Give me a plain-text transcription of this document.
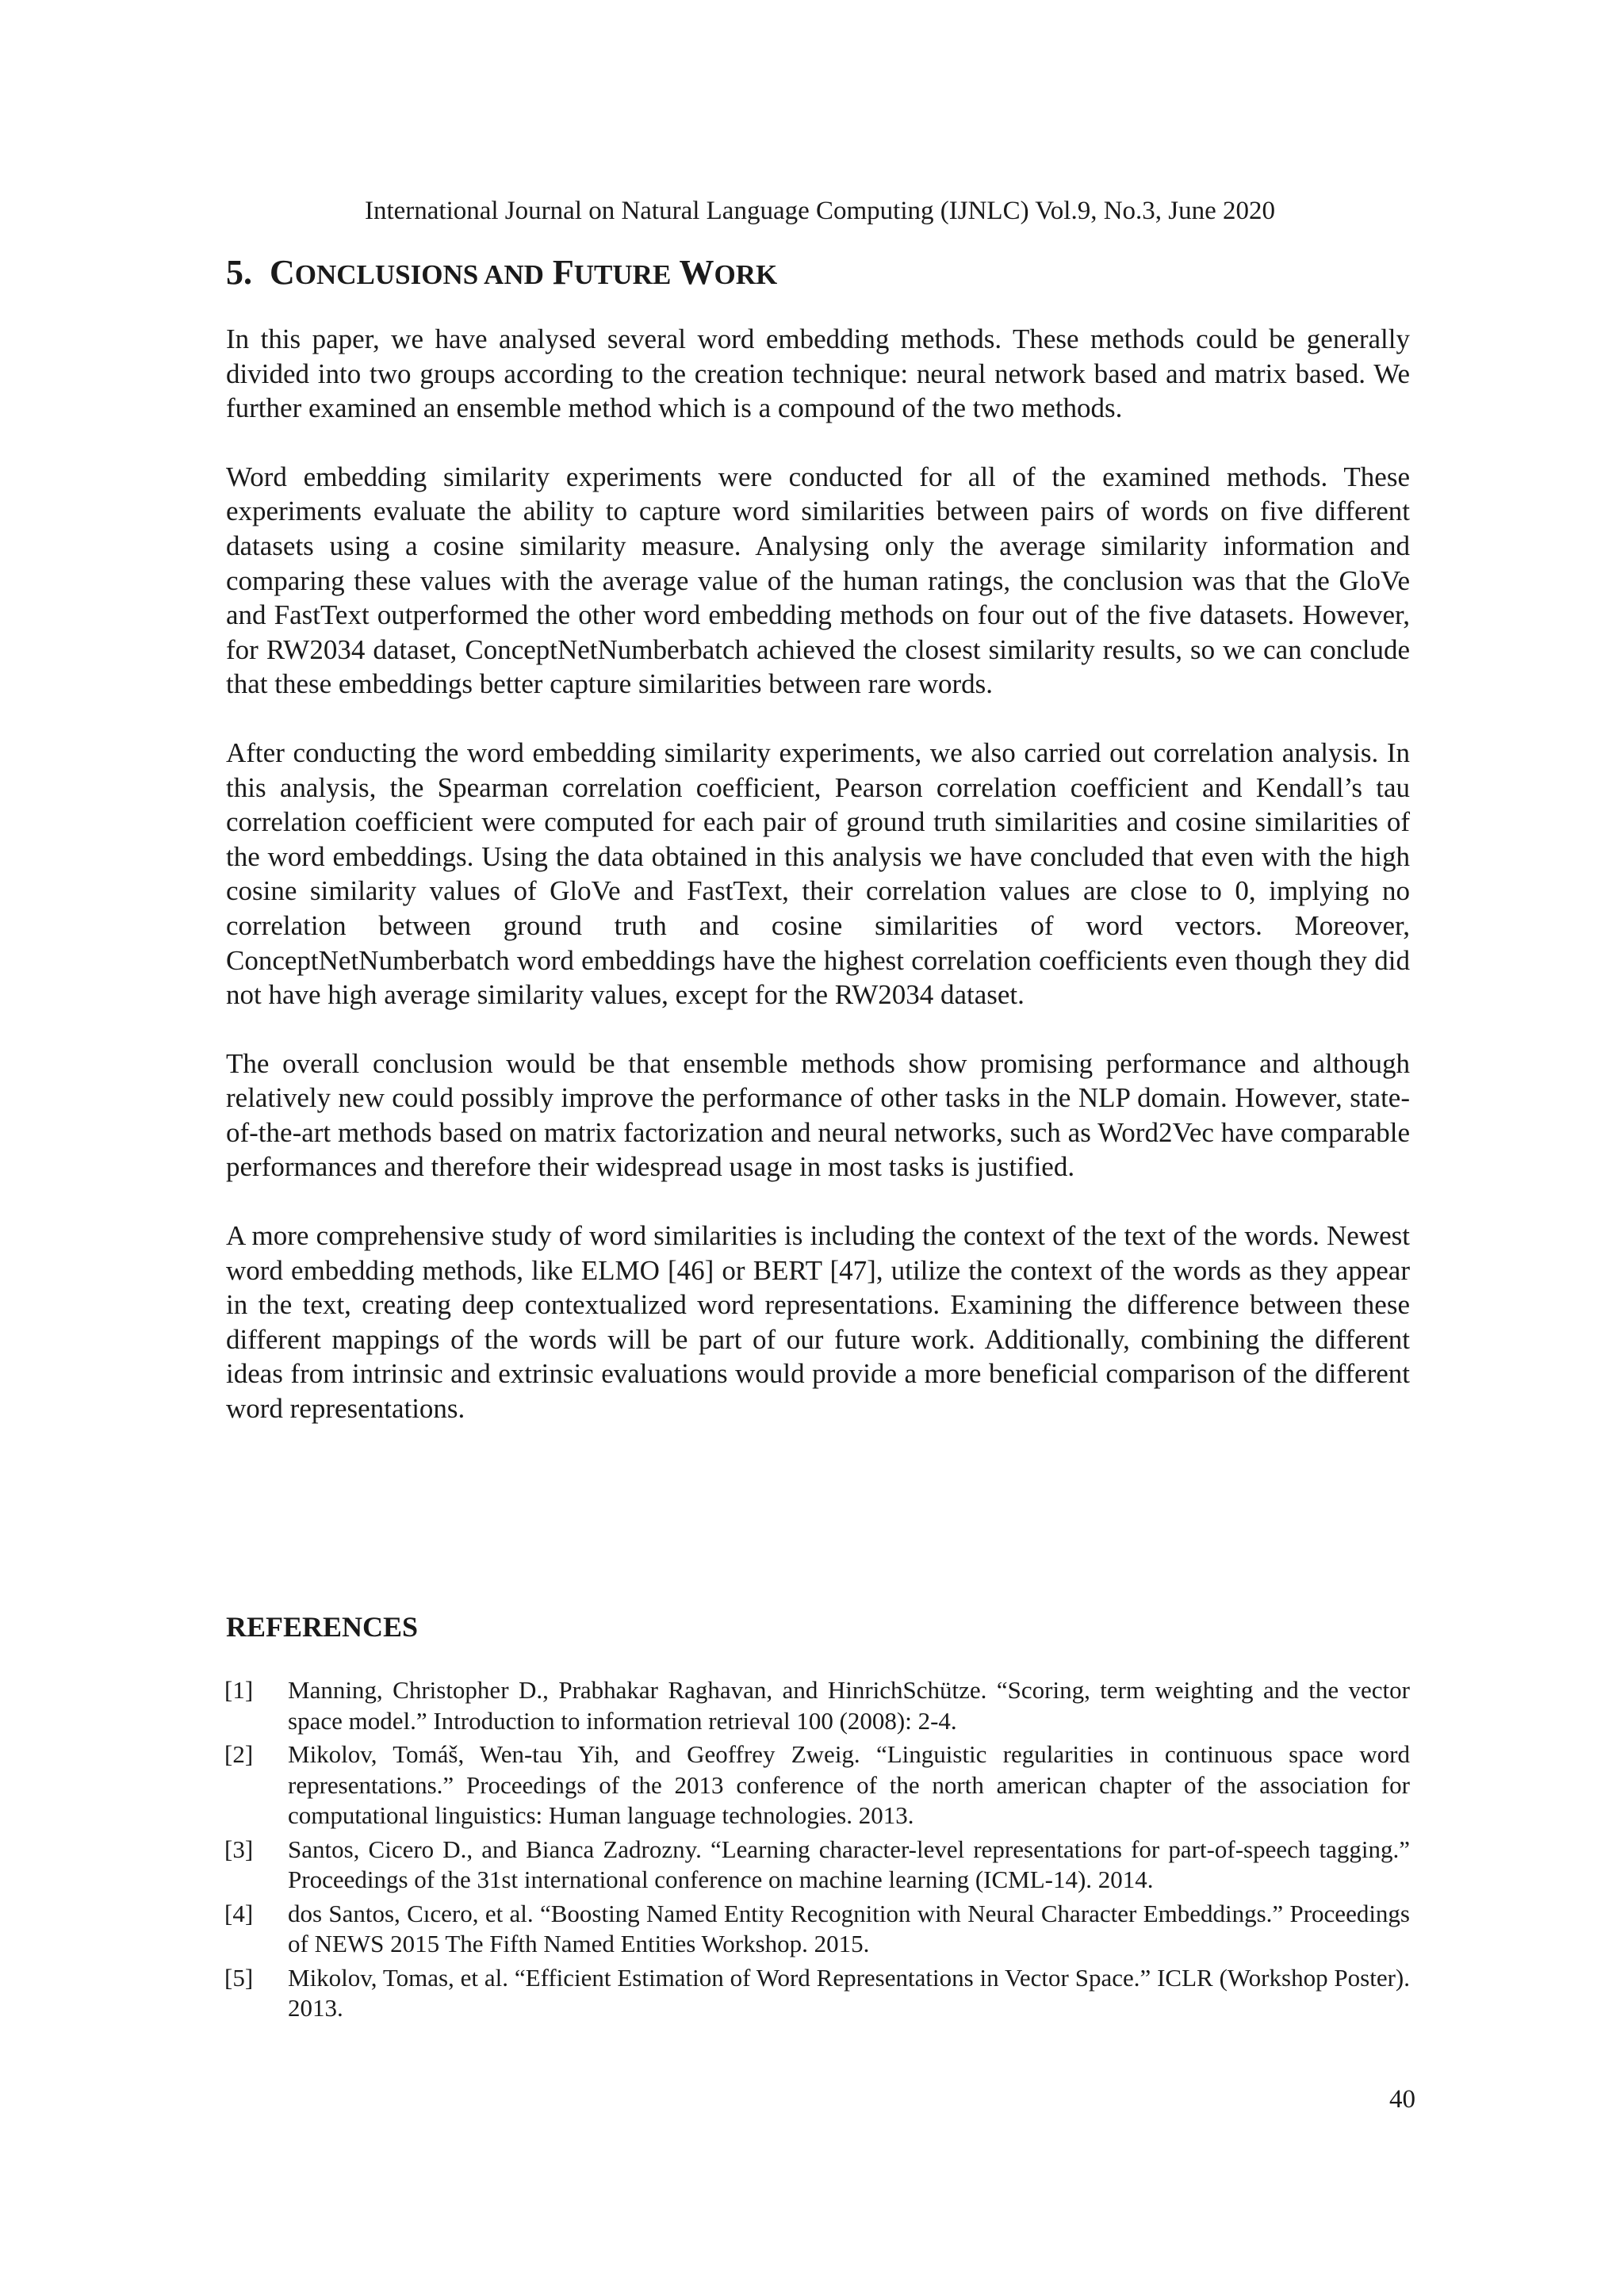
International Journal on Natural Language Computing (IJNLC) Vol.9, No.3, June 2020
5. CONCLUSIONS AND FUTURE WORK

In this paper, we have analysed several word embedding methods. These methods could be generally divided into two groups according to the creation technique: neural network based and matrix based. We further examined an ensemble method which is a compound of the two methods.

Word embedding similarity experiments were conducted for all of the examined methods. These experiments evaluate the ability to capture word similarities between pairs of words on five different datasets using a cosine similarity measure. Analysing only the average similarity information and comparing these values with the average value of the human ratings, the conclusion was that the GloVe and FastText outperformed the other word embedding methods on four out of the five datasets. However, for RW2034 dataset, ConceptNetNumberbatch achieved the closest similarity results, so we can conclude that these embeddings better capture similarities between rare words.

After conducting the word embedding similarity experiments, we also carried out correlation analysis. In this analysis, the Spearman correlation coefficient, Pearson correlation coefficient and Kendall’s tau correlation coefficient were computed for each pair of ground truth similarities and cosine similarities of the word embeddings. Using the data obtained in this analysis we have concluded that even with the high cosine similarity values of GloVe and FastText, their correlation values are close to 0, implying no correlation between ground truth and cosine similarities of word vectors. Moreover, ConceptNetNumberbatch word embeddings have the highest correlation coefficients even though they did not have high average similarity values, except for the RW2034 dataset.

The overall conclusion would be that ensemble methods show promising performance and although relatively new could possibly improve the performance of other tasks in the NLP domain. However, state-of-the-art methods based on matrix factorization and neural networks, such as Word2Vec have comparable performances and therefore their widespread usage in most tasks is justified.

A more comprehensive study of word similarities is including the context of the text of the words. Newest word embedding methods, like ELMO [46] or BERT [47], utilize the context of the words as they appear in the text, creating deep contextualized word representations. Examining the difference between these different mappings of the words will be part of our future work. Additionally, combining the different ideas from intrinsic and extrinsic evaluations would provide a more beneficial comparison of the different word representations.

REFERENCES
[1] Manning, Christopher D., Prabhakar Raghavan, and HinrichSchütze. “Scoring, term weighting and the vector space model.” Introduction to information retrieval 100 (2008): 2-4.
[2] Mikolov, Tomáš, Wen-tau Yih, and Geoffrey Zweig. “Linguistic regularities in continuous space word representations.” Proceedings of the 2013 conference of the north american chapter of the association for computational linguistics: Human language technologies. 2013.
[3] Santos, Cicero D., and Bianca Zadrozny. “Learning character-level representations for part-of-speech tagging.” Proceedings of the 31st international conference on machine learning (ICML-14). 2014.
[4] dos Santos, Cıcero, et al. “Boosting Named Entity Recognition with Neural Character Embeddings.” Proceedings of NEWS 2015 The Fifth Named Entities Workshop. 2015.
[5] Mikolov, Tomas, et al. “Efficient Estimation of Word Representations in Vector Space.” ICLR (Workshop Poster). 2013.
40
